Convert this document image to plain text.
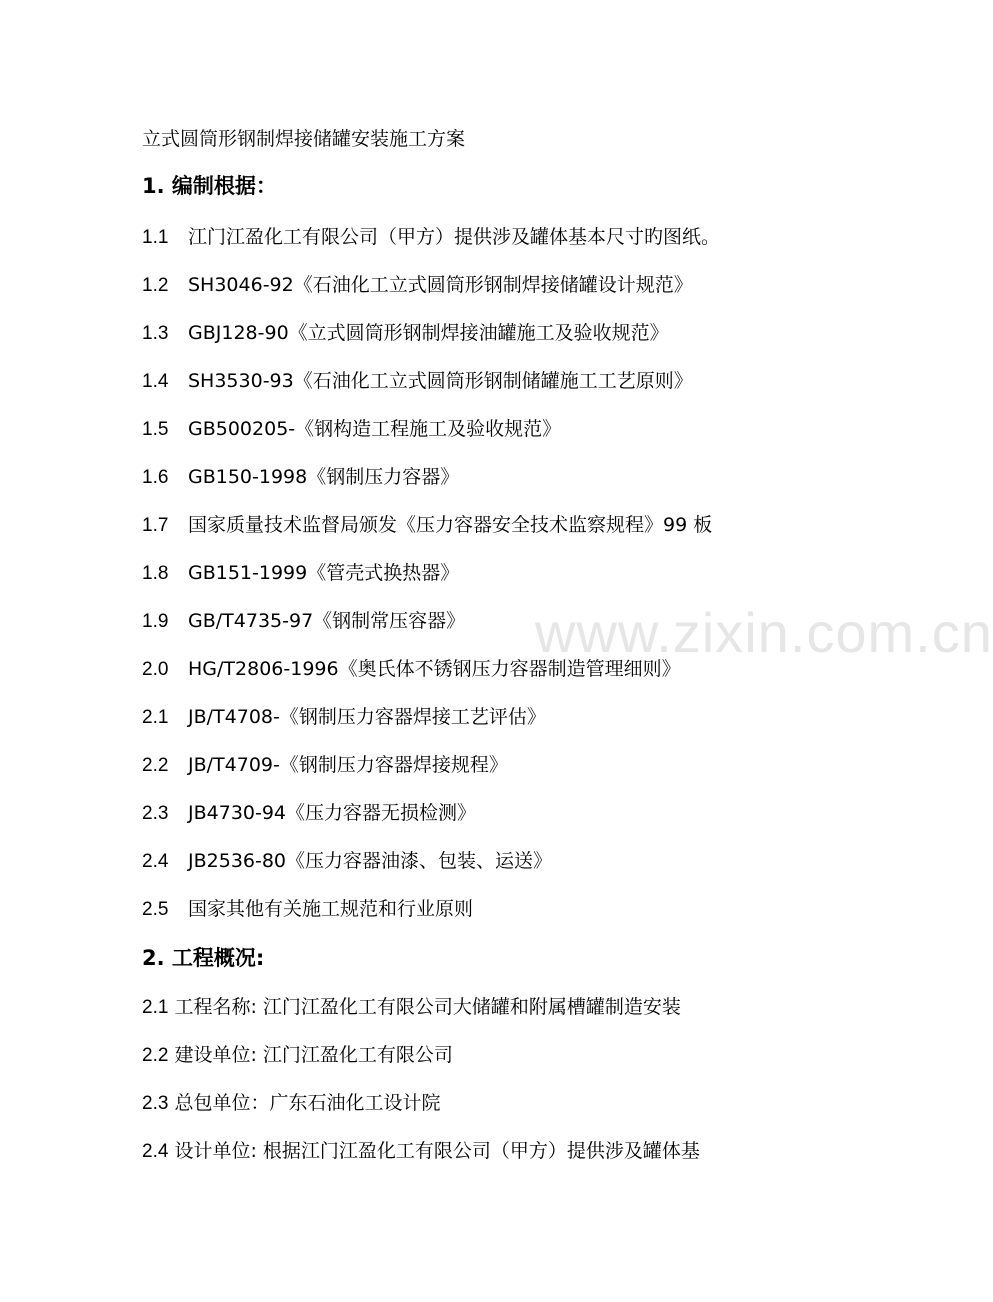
www.zixin.com.cn
立式圆筒形钢制焊接储罐安装施工方案
1. 编制根据：
1.1 江门江盈化工有限公司（甲方）提供涉及罐体基本尺寸旳图纸。
1.2 SH3046-92《石油化工立式圆筒形钢制焊接储罐设计规范》
1.3 GBJ128-90《立式圆筒形钢制焊接油罐施工及验收规范》
1.4 SH3530-93《石油化工立式圆筒形钢制储罐施工工艺原则》
1.5 GB500205-《钢构造工程施工及验收规范》
1.6 GB150-1998《钢制压力容器》
1.7 国家质量技术监督局颁发《压力容器安全技术监察规程》99 板
1.8 GB151-1999《管壳式换热器》
1.9 GB/T4735-97《钢制常压容器》
2.0 HG/T2806-1996《奥氏体不锈钢压力容器制造管理细则》
2.1 JB/T4708-《钢制压力容器焊接工艺评估》
2.2 JB/T4709-《钢制压力容器焊接规程》
2.3 JB4730-94《压力容器无损检测》
2.4 JB2536-80《压力容器油漆、包装、运送》
2.5 国家其他有关施工规范和行业原则
2. 工程概况:
2.1 工程名称: 江门江盈化工有限公司大储罐和附属槽罐制造安装
2.2 建设单位: 江门江盈化工有限公司
2.3 总包单位：广东石油化工设计院
2.4 设计单位: 根据江门江盈化工有限公司（甲方）提供涉及罐体基
